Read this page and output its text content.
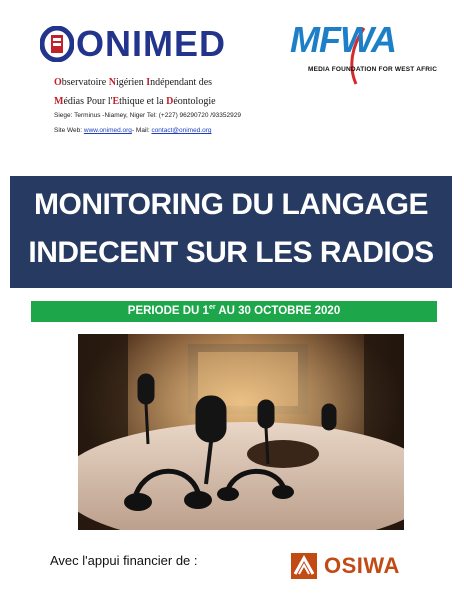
ONIMED MFWA
MEDIA FOUNDATION FOR WEST AFRIC
Observatoire Nigérien Indépendant des
Médias Pour l'Ethique et la Déontologie
Siege: Terminus -Niamey, Niger Tel: (+227) 96290720 /93352929
Site Web: www.onimed.org- Mail: contact@onimed.org
MONITORING DU LANGAGE
INDECENT SUR LES RADIOS
PERIODE DU 1er AU 30 OCTOBRE 2020
Avec l'appui financier de :	OSIWA
